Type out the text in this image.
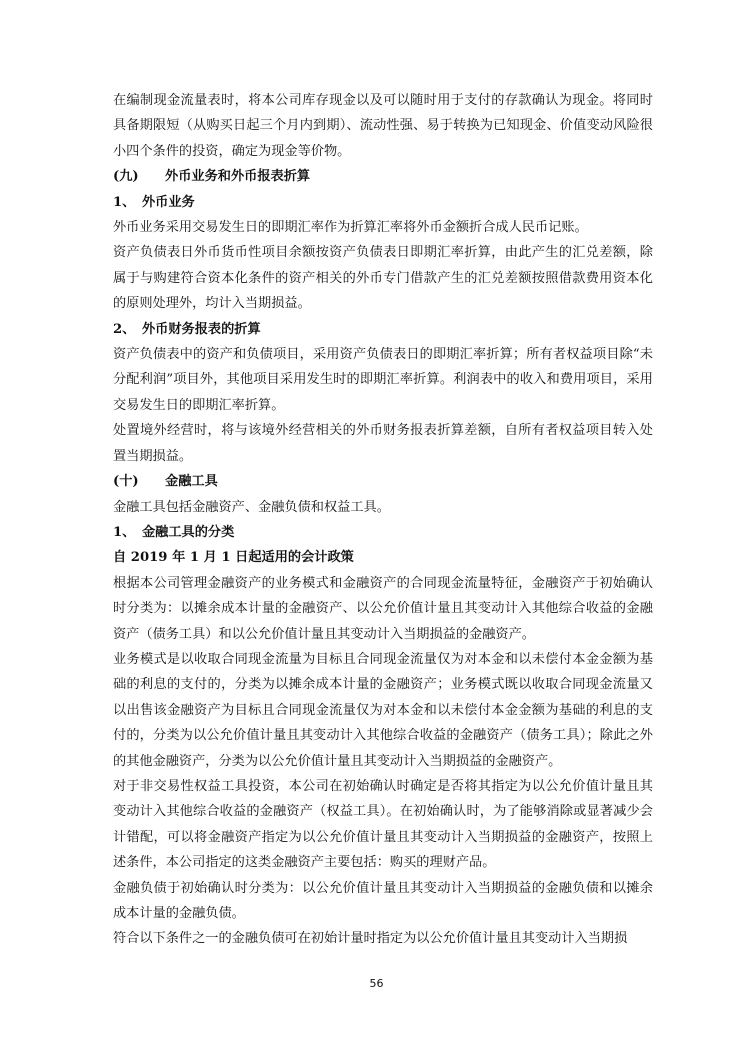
在编制现金流量表时，将本公司库存现金以及可以随时用于支付的存款确认为现金。将同时具备期限短（从购买日起三个月内到期）、流动性强、易于转换为已知现金、价值变动风险很小四个条件的投资，确定为现金等价物。

(九)　　外币业务和外币报表折算

1、　外币业务

外币业务采用交易发生日的即期汇率作为折算汇率将外币金额折合成人民币记账。

资产负债表日外币货币性项目余额按资产负债表日即期汇率折算，由此产生的汇兑差额，除属于与购建符合资本化条件的资产相关的外币专门借款产生的汇兑差额按照借款费用资本化的原则处理外，均计入当期损益。

2、　外币财务报表的折算

资产负债表中的资产和负债项目，采用资产负债表日的即期汇率折算；所有者权益项目除“未分配利润”项目外，其他项目采用发生时的即期汇率折算。利润表中的收入和费用项目，采用交易发生日的即期汇率折算。

处置境外经营时，将与该境外经营相关的外币财务报表折算差额，自所有者权益项目转入处置当期损益。

(十)　　金融工具

金融工具包括金融资产、金融负债和权益工具。

1、　金融工具的分类

自 2019 年 1 月 1 日起适用的会计政策

根据本公司管理金融资产的业务模式和金融资产的合同现金流量特征，金融资产于初始确认时分类为：以摊余成本计量的金融资产、以公允价值计量且其变动计入其他综合收益的金融资产（债务工具）和以公允价值计量且其变动计入当期损益的金融资产。

业务模式是以收取合同现金流量为目标且合同现金流量仅为对本金和以未偿付本金金额为基础的利息的支付的，分类为以摊余成本计量的金融资产；业务模式既以收取合同现金流量又以出售该金融资产为目标且合同现金流量仅为对本金和以未偿付本金金额为基础的利息的支付的，分类为以公允价值计量且其变动计入其他综合收益的金融资产（债务工具）；除此之外的其他金融资产，分类为以公允价值计量且其变动计入当期损益的金融资产。

对于非交易性权益工具投资，本公司在初始确认时确定是否将其指定为以公允价值计量且其变动计入其他综合收益的金融资产（权益工具）。在初始确认时，为了能够消除或显著减少会计错配，可以将金融资产指定为以公允价值计量且其变动计入当期损益的金融资产，按照上述条件，本公司指定的这类金融资产主要包括：购买的理财产品。

金融负债于初始确认时分类为：以公允价值计量且其变动计入当期损益的金融负债和以摊余成本计量的金融负债。

符合以下条件之一的金融负债可在初始计量时指定为以公允价值计量且其变动计入当期损

56
